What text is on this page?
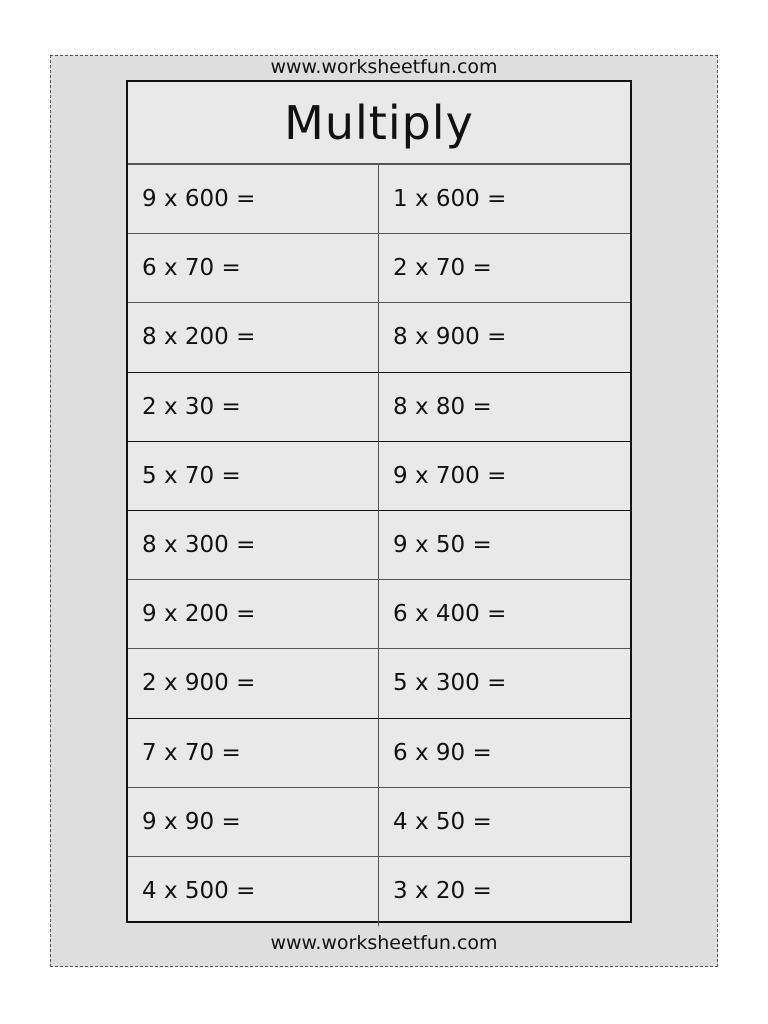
www.worksheetfun.com
Multiply
9 x 600 =	1 x 600 =
6 x 70 =	2 x 70 =
8 x 200 =	8 x 900 =
2 x 30 =	8 x 80 =
5 x 70 =	9 x 700 =
8 x 300 =	9 x 50 =
9 x 200 =	6 x 400 =
2 x 900 =	5 x 300 =
7 x 70 =	6 x 90 =
9 x 90 =	4 x 50 =
4 x 500 =	3 x 20 =
www.worksheetfun.com
